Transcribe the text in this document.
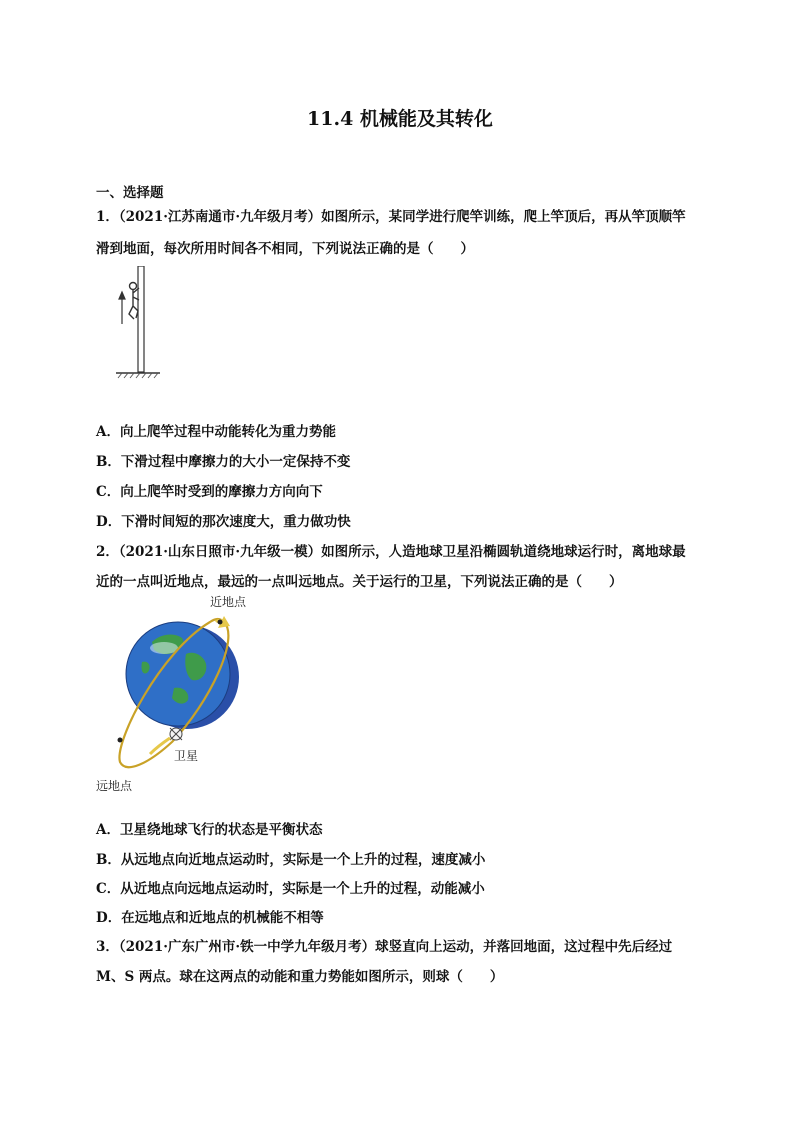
11.4 机械能及其转化
一、选择题
1．（2021·江苏南通市·九年级月考）如图所示，某同学进行爬竿训练，爬上竿顶后，再从竿顶顺竿
滑到地面，每次所用时间各不相同，下列说法正确的是（　　）
A．向上爬竿过程中动能转化为重力势能
B．下滑过程中摩擦力的大小一定保持不变
C．向上爬竿时受到的摩擦力方向向下
D．下滑时间短的那次速度大，重力做功快
2．（2021·山东日照市·九年级一模）如图所示，人造地球卫星沿椭圆轨道绕地球运行时，离地球最
近的一点叫近地点，最远的一点叫远地点。关于运行的卫星，下列说法正确的是（　　）
近地点
远地点
卫星
A．卫星绕地球飞行的状态是平衡状态
B．从远地点向近地点运动时，实际是一个上升的过程，速度减小
C．从近地点向远地点运动时，实际是一个上升的过程，动能减小
D．在远地点和近地点的机械能不相等
3．（2021·广东广州市·铁一中学九年级月考）球竖直向上运动，并落回地面，这过程中先后经过
M、S 两点。球在这两点的动能和重力势能如图所示，则球（　　）
